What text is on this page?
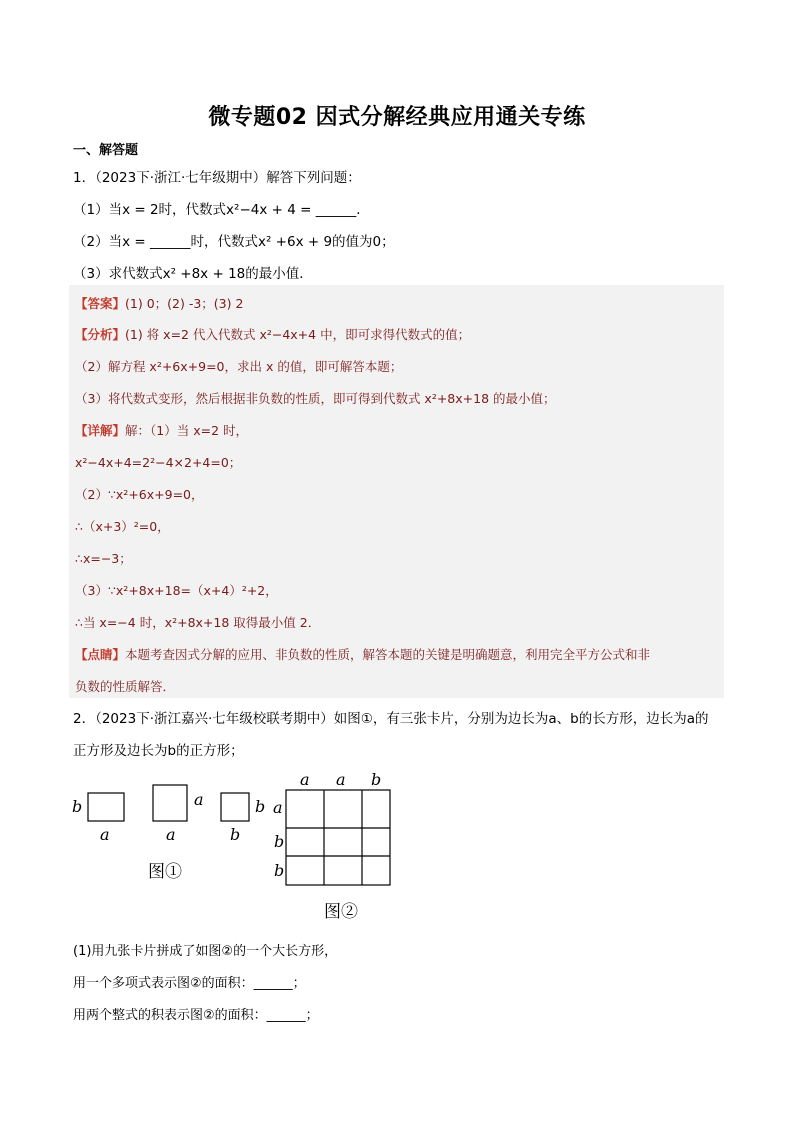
微专题02 因式分解经典应用通关专练
一、解答题
1．（2023下·浙江·七年级期中）解答下列问题：
（1）当x = 2时，代数式x²−4x + 4 = ______．
（2）当x = ______时，代数式x² +6x + 9的值为0；
（3）求代数式x² +8x + 18的最小值．
【答案】(1) 0；(2) -3；(3) 2
【分析】(1) 将 x=2 代入代数式 x²−4x+4 中，即可求得代数式的值；
（2）解方程 x²+6x+9=0，求出 x 的值，即可解答本题；
（3）将代数式变形，然后根据非负数的性质，即可得到代数式 x²+8x+18 的最小值；
【详解】解：（1）当 x=2 时，
x²−4x+4=2²−4×2+4=0；
（2）∵x²+6x+9=0，
∴（x+3）²=0，
∴x=−3；
（3）∵x²+8x+18=（x+4）²+2，
∴当 x=−4 时，x²+8x+18 取得最小值 2．
【点睛】本题考查因式分解的应用、非负数的性质，解答本题的关键是明确题意，利用完全平方公式和非
负数的性质解答．
2．（2023下·浙江嘉兴·七年级校联考期中）如图①，有三张卡片，分别为边长为a、b的长方形，边长为a的
正方形及边长为b的正方形；
b
a
a
a
b
b
图①
a a b
a
b
b
图②
(1)用九张卡片拼成了如图②的一个大长方形，
用一个多项式表示图②的面积：______；
用两个整式的积表示图②的面积：______；
